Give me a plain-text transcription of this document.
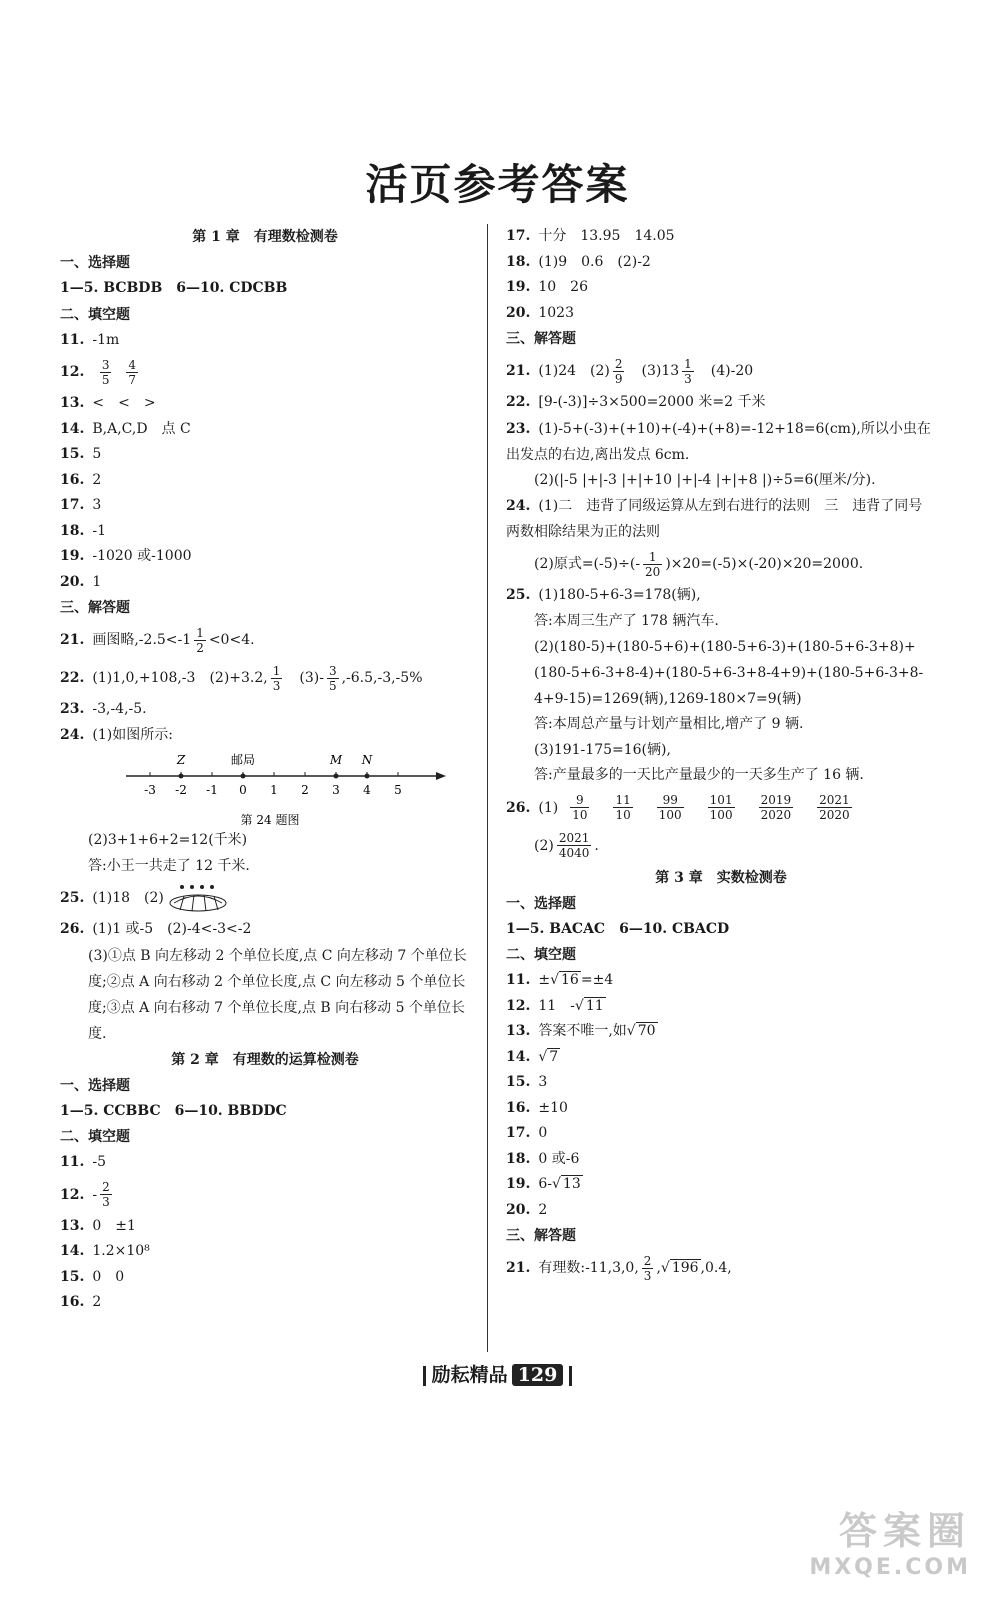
活页参考答案
第 1 章　有理数检测卷
一、选择题
1—5. BCBDB　6—10. CDCBB
二、填空题
11. -1m
12. $\frac{3}{5}$
$\frac{4}{7}$
13. <　<　>
14. B,A,C,D　点 C
15. 5
16. 2
17. 3
18. -1
19. -1020 或-1000
20. 1
三、解答题
21. 画图略$,-2.5<-1 \frac{1}{2} <0<4$.
22. (1)1,0,+108,-3　(2)+3.2, $\frac{1}{3}$ 　$(3)- \frac{3}{5} ,-6.5,-3,-5\%$
23. -3,-4,-5.
24. (1)如图所示:
-3 -2 -1 0 1 2 3 4 5
Z	邮局	M N
第 24 题图
(2)3+1+6+2=12(千米)
答:小王一共走了 12 千米.
25. (1)18　(2)
26. (1)1 或-5　(2)-4<-3<-2
(3)①点 B 向左移动 2 个单位长度,点 C 向左移动 7 个单位长度;②点 A 向右移动 2 个单位长度,点 C 向左移动 5 个单位长度;③点 A 向右移动 7 个单位长度,点 B 向右移动 5 个单位长度.
第 2 章　有理数的运算检测卷
一、选择题
1—5. CCBBC　6—10. BBDDC
二、填空题
11. -5
12. - $\frac{2}{3}$
13. 0　±1
14. 1.2×10⁸
15. 0　0
16. 2
17. 十分　13.95　14.05
18. (1)9　0.6　(2)-2
19. 10　26
20. 1023
三、解答题
21. (1)24　$(2) \frac{2}{9}$ 　$(3)13 \frac{1}{3}$ 　(4)-20
22. [9-(-3)]÷3×500=2000 米=2 千米
23. (1)-5+(-3)+(+10)+(-4)+(+8)=-12+18=6(cm),所以小虫在出发点的右边,离出发点 6cm.
(2)(|-5 |+|-3 |+|+10 |+|-4 |+|+8 |)÷5=6(厘米/分).
24. (1)二　违背了同级运算从左到右进行的法则　三　违背了同号两数相除结果为正的法则
(2)原式$=(-5)\div(- \frac{1}{20} )\times 20=(-5)\times(-20)\times 20=2000$.
25. (1)180-5+6-3=178(辆),
答:本周三生产了 178 辆汽车.
(2)(180-5)+(180-5+6)+(180-5+6-3)+(180-5+6-3+8)+(180-5+6-3+8-4)+(180-5+6-3+8-4+9)+(180-5+6-3+8-4+9-15)=1269(辆),1269-180×7=9(辆)
答:本周总产量与计划产量相比,增产了 9 辆.
(3)191-175=16(辆),
答:产量最多的一天比产量最少的一天多生产了 16 辆.
26. $(1) \frac{9}{10} \frac{11}{10} \frac{99}{100} \frac{101}{100} \frac{2019}{2020} \frac{2021}{2020}$
$(2) \frac{2021}{4040}$ .
第 3 章　实数检测卷
一、选择题
1—5. BACAC　6—10. CBACD
二、填空题
11. ±√ 16 =±4
12. 11　-√ 11
13. 答案不唯一,如√ 70
14. √ 7
15. 3
16. ±10
17. 0
18. 0 或-6
19. 6-√ 13
20. 2
三、解答题
21. 有理数:-11,3,0, $\frac{2}{3}$ ,√ 196 ,0.4,
励耘精品 129
答案圈
MXQE.COM
